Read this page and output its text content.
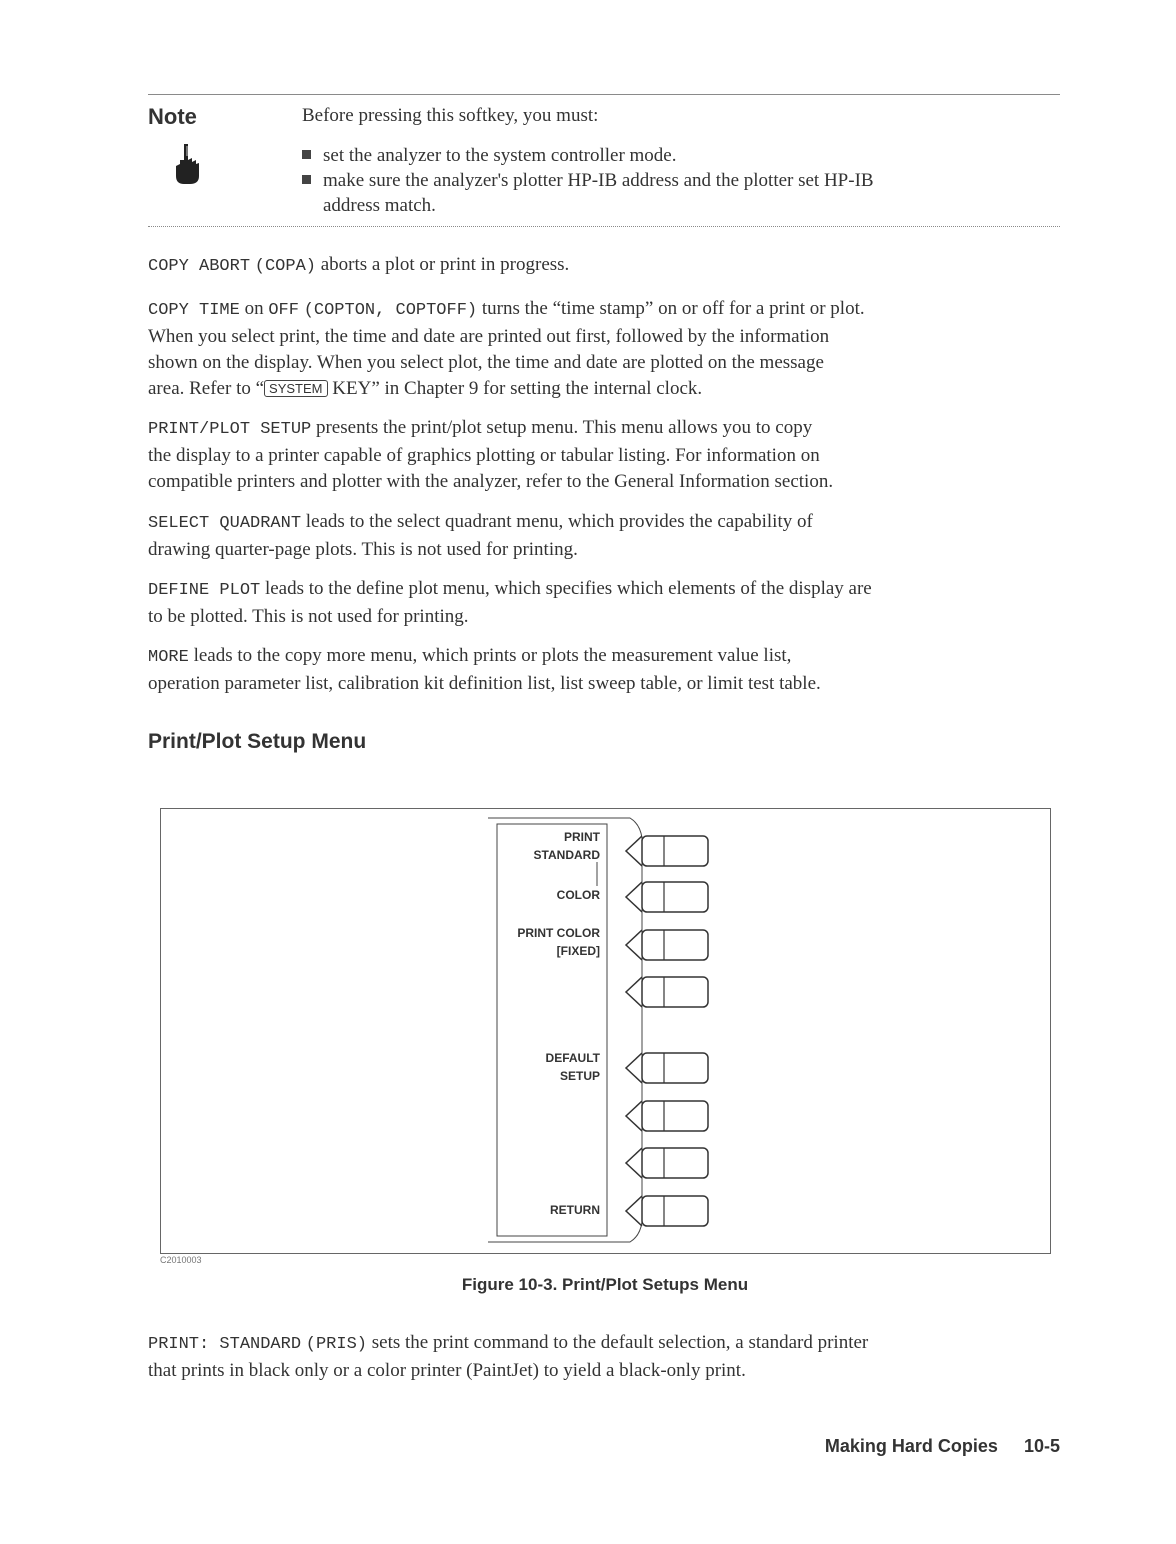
Note	Before pressing this softkey, you must:
set the analyzer to the system controller mode.
make sure the analyzer's plotter HP-IB address and the plotter set HP-IB
address match.
COPY ABORT (COPA) aborts a plot or print in progress.
COPY TIME on OFF (COPTON, COPTOFF) turns the “time stamp” on or off for a print or plot.
When you select print, the time and date are printed out first, followed by the information
shown on the display. When you select plot, the time and date are plotted on the message
area. Refer to “ SYSTEM KEY” in Chapter 9 for setting the internal clock.
PRINT/PLOT SETUP presents the print/plot setup menu. This menu allows you to copy
the display to a printer capable of graphics plotting or tabular listing. For information on
compatible printers and plotter with the analyzer, refer to the General Information section.
SELECT QUADRANT leads to the select quadrant menu, which provides the capability of
drawing quarter-page plots. This is not used for printing.
DEFINE PLOT leads to the define plot menu, which specifies which elements of the display are
to be plotted. This is not used for printing.
MORE leads to the copy more menu, which prints or plots the measurement value list,
operation parameter list, calibration kit definition list, list sweep table, or limit test table.
Print/Plot Setup Menu
PRINT
STANDARD
COLOR
PRINT COLOR
[FIXED]
DEFAULT
SETUP
RETURN
C2010003
Figure 10-3. Print/Plot Setups Menu
PRINT: STANDARD (PRIS) sets the print command to the default selection, a standard printer
that prints in black only or a color printer (PaintJet) to yield a black-only print.
Making Hard Copies 10-5
